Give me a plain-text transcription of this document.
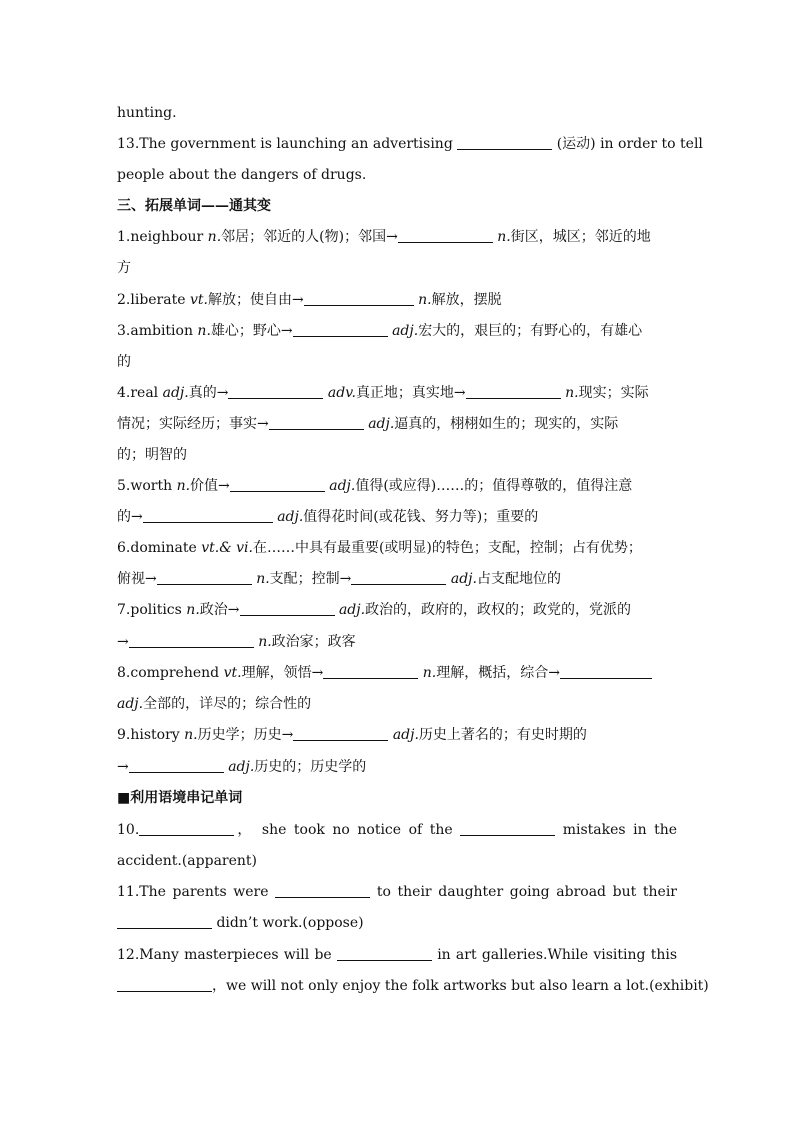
hunting.
13.The government is launching an advertising	(运动) in order to tell
people about the dangers of drugs.
三、拓展单词——通其变
1.neighbour n.邻居；邻近的人(物)；邻国→	n.街区，城区；邻近的地
方
2.liberate vt.解放；使自由→	n.解放，摆脱
3.ambition n.雄心；野心→	adj.宏大的，艰巨的；有野心的，有雄心
的
4.real adj.真的→	adv.真正地；真实地→	n.现实；实际
情况；实际经历；事实→	adj.逼真的，栩栩如生的；现实的，实际
的；明智的
5.worth n.价值→	adj.值得(或应得)……的；值得尊敬的，值得注意
的→	adj.值得花时间(或花钱、努力等)；重要的
6.dominate vt.& vi.在……中具有最重要(或明显)的特色；支配，控制；占有优势；
俯视→	n.支配；控制→	adj.占支配地位的
7.politics n.政治→	adj.政治的，政府的，政权的；政党的，党派的
→	n.政治家；政客
8.comprehend vt.理解，领悟→	n.理解，概括，综合→
adj.全部的，详尽的；综合性的
9.history n.历史学；历史→	adj.历史上著名的；有史时期的
→	adj.历史的；历史学的
■利用语境串记单词
10.	， she took no notice of the	mistakes in the
accident.(apparent)
11.The parents were	to their daughter going abroad but their
didn’t work.(oppose)
12.Many masterpieces will be	in art galleries.While visiting this
，we will not only enjoy the folk artworks but also learn a lot.(exhibit)
